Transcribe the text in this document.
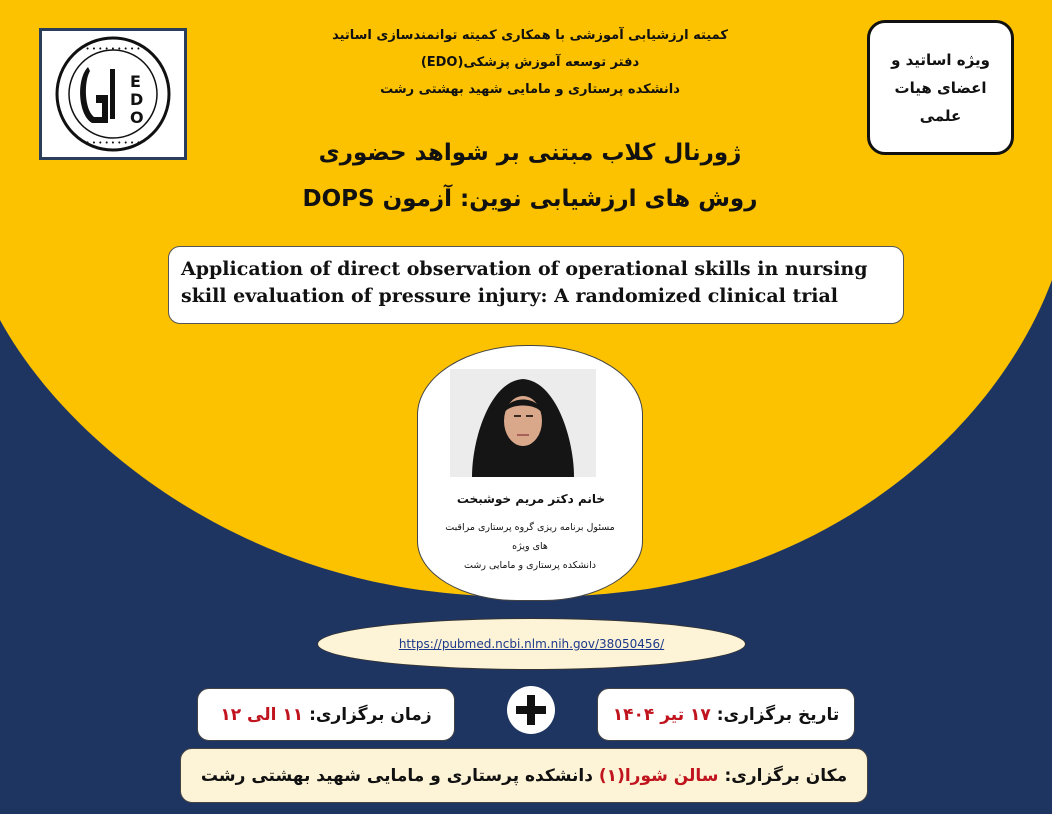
• • • • • • • • •
• • • • • • • • •
E
D
O
کمیته ارزشیابی آموزشی با همکاری کمیته توانمندسازی اساتید
دفتر توسعه آموزش پزشکی(EDO)
دانشکده پرستاری و مامایی شهید بهشتی رشت
ویژه اساتید و
اعضای هیات
علمی
ژورنال کلاب مبتنی بر شواهد حضوری
روش های ارزشیابی نوین: آزمون DOPS
Application of direct observation of operational skills in nursing skill evaluation of pressure injury: A randomized clinical trial
خانم دکتر مریم خوشبخت
مسئول برنامه ریزی گروه پرستاری مراقبت
های ویژه
دانشکده پرستاری و مامایی رشت
https://pubmed.ncbi.nlm.nih.gov/38050456/
زمان برگزاری:

۱۱ الی ۱۲	تاریخ برگزاری:

۱۷ تیر ۱۴۰۴
مکان برگزاری:

سالن شورا(۱)

دانشکده پرستاری و مامایی شهید بهشتی رشت
